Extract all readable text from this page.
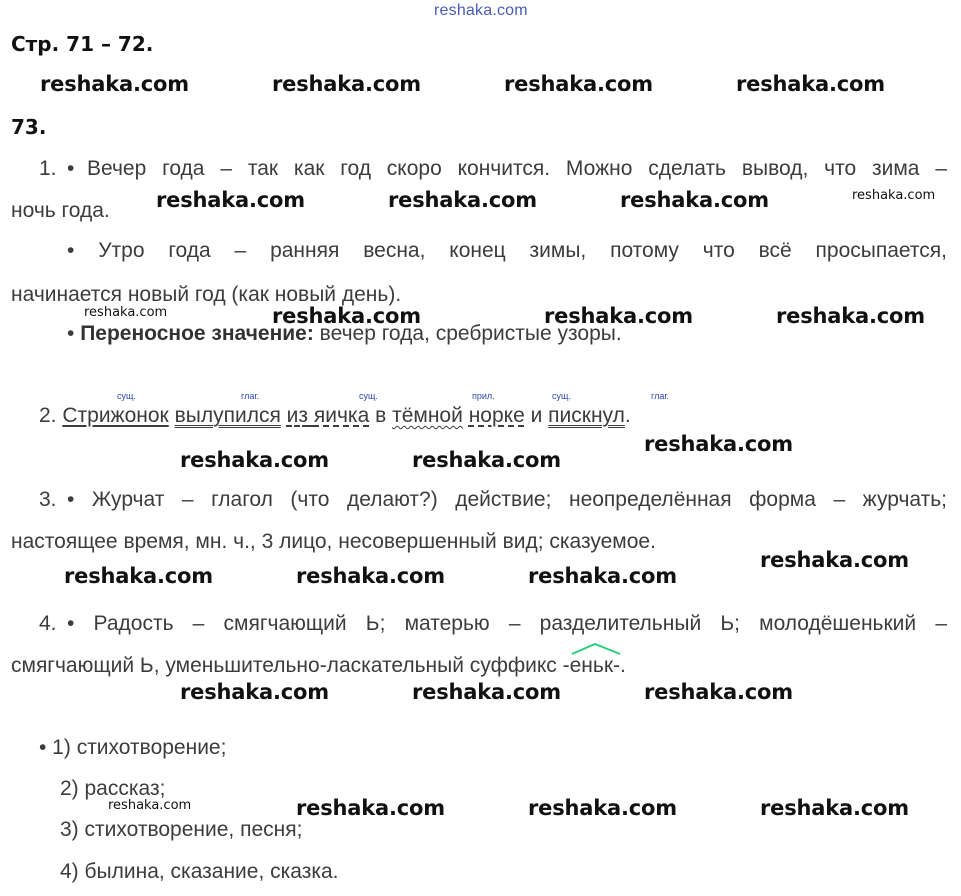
reshaka.com
Стр. 71 – 72.
73.
reshaka.com	reshaka.com	reshaka.com	reshaka.com
1. • Вечер года – так как год скоро кончится. Можно сделать вывод, что зима –
ночь года. reshaka.com	reshaka.com	reshaka.com	reshaka.com
• Утро года – ранняя весна, конец зимы, потому что всё просыпается,
начинается новый год (как новый день).
reshaka.com	reshaka.com	reshaka.com	reshaka.com
• Переносное значение: вечер года, сребристые узоры.
сущ.	глаг.	сущ.	прил.	сущ.	глаг.
2. Стрижонок вылупился из яичка в тёмной норке и пискнул.
reshaka.com
reshaka.com	reshaka.com
3. • Журчат – глагол (что делают?) действие; неопределённая форма – журчать;
настоящее время, мн. ч., 3 лицо, несовершенный вид; сказуемое.
reshaka.com
reshaka.com	reshaka.com	reshaka.com
4. • Радость – смягчающий Ь; матерью – разделительный Ь; молодёшенький –
смягчающий Ь, уменьшительно-ласкательный суффикс -
еньк-.
reshaka.com	reshaka.com	reshaka.com
• 1) стихотворение;
2) рассказ;
reshaka.com	reshaka.com	reshaka.com	reshaka.com
3) стихотворение, песня;
4) былина, сказание, сказка.
